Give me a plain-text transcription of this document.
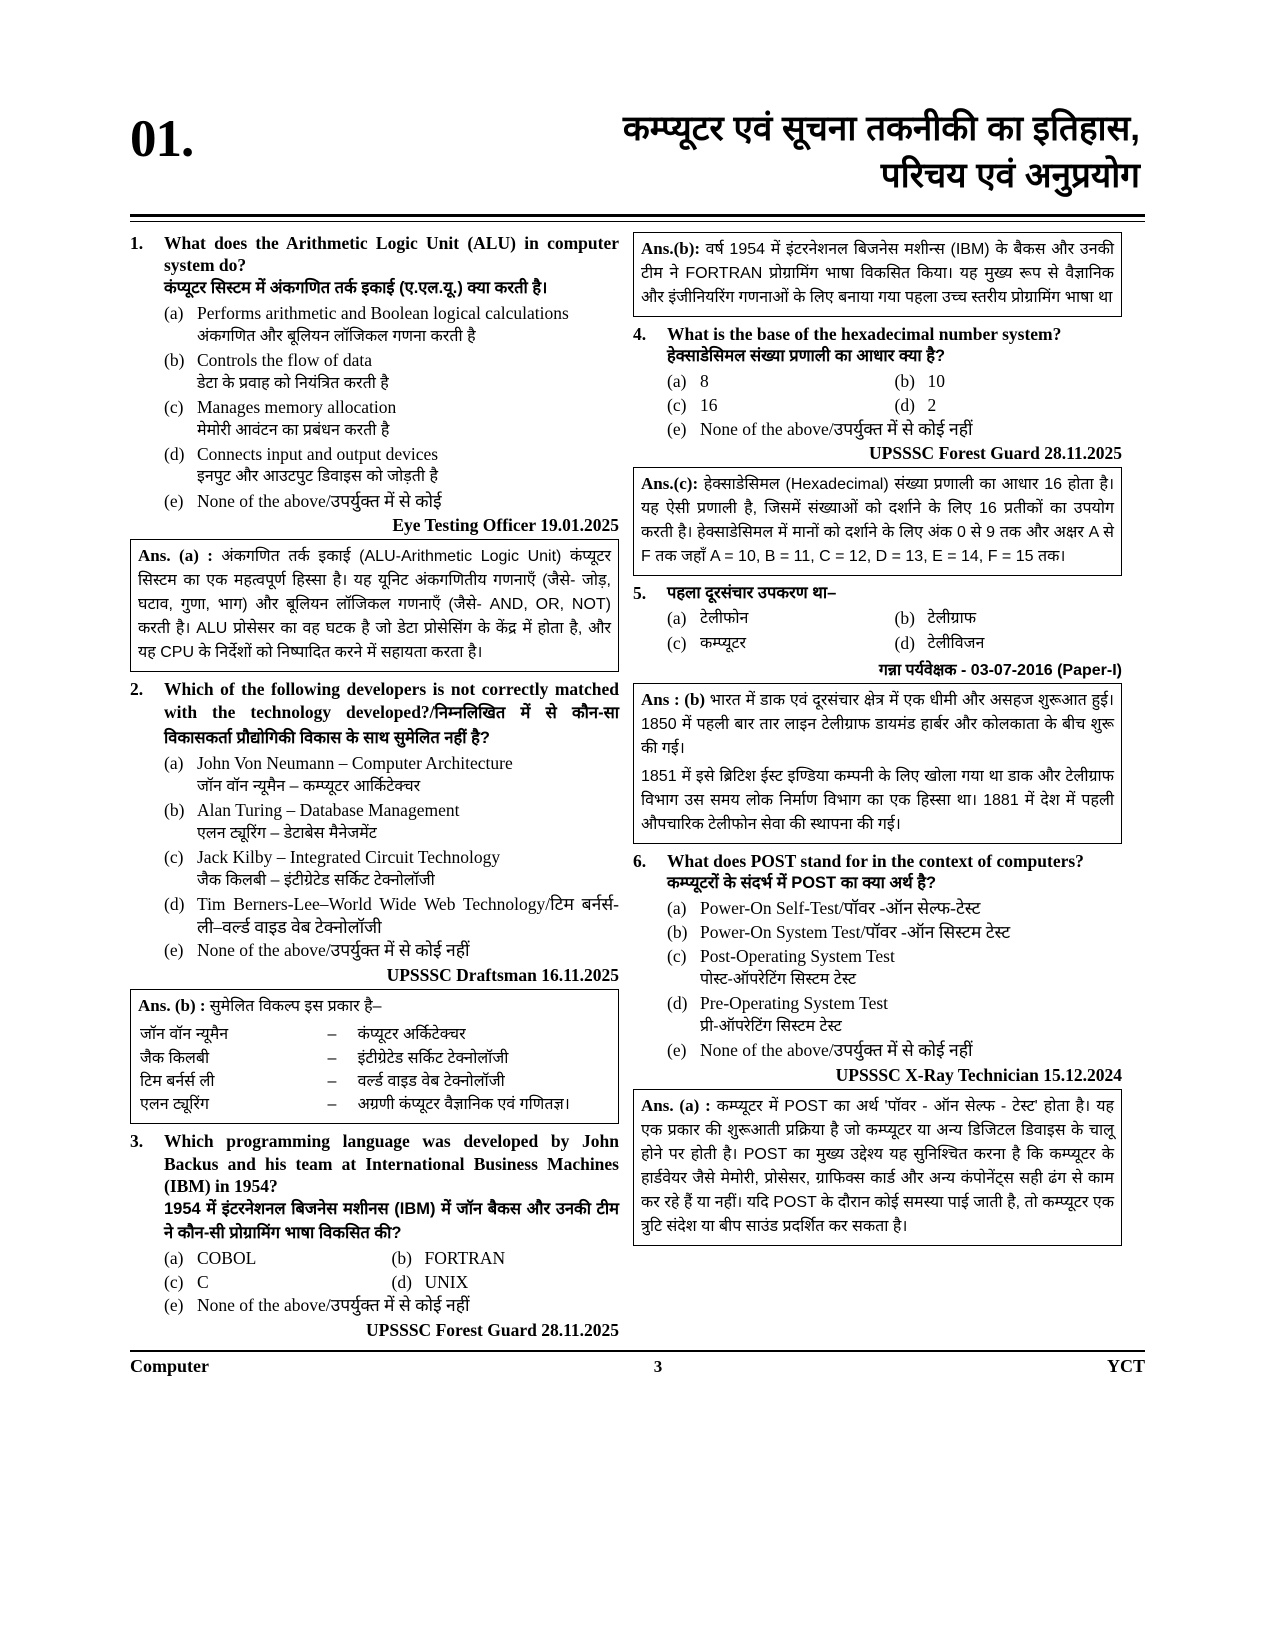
01.	कम्प्यूटर एवं सूचना तकनीकी का इतिहास,
परिचय एवं अनुप्रयोग
1.	What does the Arithmetic Logic Unit (ALU) in computer system do?
कंप्यूटर सिस्टम में अंकगणित तर्क इकाई (ए.एल.यू.) क्या करती है।
(a) Performs arithmetic and Boolean logical calculations
अंकगणित और बूलियन लॉजिकल गणना करती है
(b) Controls the flow of data
डेटा के प्रवाह को नियंत्रित करती है
(c) Manages memory allocation
मेमोरी आवंटन का प्रबंधन करती है
(d) Connects input and output devices
इनपुट और आउटपुट डिवाइस को जोड़ती है
(e) None of the above/उपर्युक्त में से कोई
Eye Testing Officer 19.01.2025
Ans. (a) : अंकगणित तर्क इकाई (ALU-Arithmetic Logic Unit) कंप्यूटर सिस्टम का एक महत्वपूर्ण हिस्सा है। यह यूनिट अंकगणितीय गणनाएँ (जैसे- जोड़, घटाव, गुणा, भाग) और बूलियन लॉजिकल गणनाएँ (जैसे- AND, OR, NOT) करती है। ALU प्रोसेसर का वह घटक है जो डेटा प्रोसेसिंग के केंद्र में होता है, और यह CPU के निर्देशों को निष्पादित करने में सहायता करता है।
2.	Which of the following developers is not correctly matched with the technology developed?/निम्नलिखित में से कौन-सा विकासकर्ता प्रौद्योगिकी विकास के साथ सुमेलित नहीं है?
(a) John Von Neumann – Computer Architecture
जॉन वॉन न्यूमैन – कम्प्यूटर आर्किटेक्चर
(b) Alan Turing – Database Management
एलन ट्यूरिंग – डेटाबेस मैनेजमेंट
(c) Jack Kilby – Integrated Circuit Technology
जैक किलबी – इंटीग्रेटेड सर्किट टेक्नोलॉजी
(d) Tim Berners-Lee–World Wide Web Technology/टिम बर्नर्स-ली–वर्ल्ड वाइड वेब टेक्नोलॉजी
(e) None of the above/उपर्युक्त में से कोई नहीं
UPSSSC Draftsman 16.11.2025

Ans. (b) : सुमेलित विकल्प इस प्रकार है–

जॉन वॉन न्यूमैन	–	कंप्यूटर अर्किटेक्चर
जैक किलबी	–	इंटीग्रेटेड सर्किट टेक्नोलॉजी
टिम बर्नर्स ली	–	वर्ल्ड वाइड वेब टेक्नोलॉजी
एलन ट्यूरिंग	–	अग्रणी कंप्यूटर वैज्ञानिक एवं गणितज्ञ।
3.	Which programming language was developed by John Backus and his team at International Business Machines (IBM) in 1954?
1954 में इंटरनेशनल बिजनेस मशीनस (IBM) में जॉन बैकस और उनकी टीम ने कौन-सी प्रोग्रामिंग भाषा विकसित की?
(a) COBOL	(b) FORTRAN
(c) C	(d) UNIX
(e) None of the above/उपर्युक्त में से कोई नहीं
UPSSSC Forest Guard 28.11.2025
Ans.(b): वर्ष 1954 में इंटरनेशनल बिजनेस मशीन्स (IBM) के बैकस और उनकी टीम ने FORTRAN प्रोग्रामिंग भाषा विकसित किया। यह मुख्य रूप से वैज्ञानिक और इंजीनियरिंग गणनाओं के लिए बनाया गया पहला उच्च स्तरीय प्रोग्रामिंग भाषा था
4.	What is the base of the hexadecimal number system?
हेक्साडेसिमल संख्या प्रणाली का आधार क्या है?
(a) 8	(b) 10
(c) 16	(d) 2
(e) None of the above/उपर्युक्त में से कोई नहीं
UPSSSC Forest Guard 28.11.2025
Ans.(c): हेक्साडेसिमल (Hexadecimal) संख्या प्रणाली का आधार 16 होता है। यह ऐसी प्रणाली है, जिसमें संख्याओं को दर्शाने के लिए 16 प्रतीकों का उपयोग करती है। हेक्साडेसिमल में मानों को दर्शाने के लिए अंक 0 से 9 तक और अक्षर A से F तक जहाँ A = 10, B = 11, C = 12, D = 13, E = 14, F = 15 तक।
5.	पहला दूरसंचार उपकरण था–
(a) टेलीफोन	(b) टेलीग्राफ
(c) कम्प्यूटर	(d) टेलीविजन
गन्ना पर्यवेक्षक - 03-07-2016 (Paper-I)

Ans : (b) भारत में डाक एवं दूरसंचार क्षेत्र में एक धीमी और असहज शुरूआत हुई। 1850 में पहली बार तार लाइन टेलीग्राफ डायमंड हार्बर और कोलकाता के बीच शुरू की गई।

1851 में इसे ब्रिटिश ईस्ट इण्डिया कम्पनी के लिए खोला गया था डाक और टेलीग्राफ विभाग उस समय लोक निर्माण विभाग का एक हिस्सा था। 1881 में देश में पहली औपचारिक टेलीफोन सेवा की स्थापना की गई।

6.	What does POST stand for in the context of computers?
कम्प्यूटरों के संदर्भ में POST का क्या अर्थ है?
(a) Power-On Self-Test/पॉवर -ऑन सेल्फ-टेस्ट
(b) Power-On System Test/पॉवर -ऑन सिस्टम टेस्ट
(c) Post-Operating System Test
पोस्ट-ऑपरेटिंग सिस्टम टेस्ट
(d) Pre-Operating System Test
प्री-ऑपरेटिंग सिस्टम टेस्ट
(e) None of the above/उपर्युक्त में से कोई नहीं
UPSSSC X-Ray Technician 15.12.2024
Ans. (a) : कम्प्यूटर में POST का अर्थ 'पॉवर - ऑन सेल्फ - टेस्ट' होता है। यह एक प्रकार की शुरूआती प्रक्रिया है जो कम्प्यूटर या अन्य डिजिटल डिवाइस के चालू होने पर होती है। POST का मुख्य उद्देश्य यह सुनिश्चित करना है कि कम्प्यूटर के हार्डवेयर जैसे मेमोरी, प्रोसेसर, ग्राफिक्स कार्ड और अन्य कंपोनेंट्स सही ढंग से काम कर रहे हैं या नहीं। यदि POST के दौरान कोई समस्या पाई जाती है, तो कम्प्यूटर एक त्रुटि संदेश या बीप साउंड प्रदर्शित कर सकता है।
Computer	3	YCT
